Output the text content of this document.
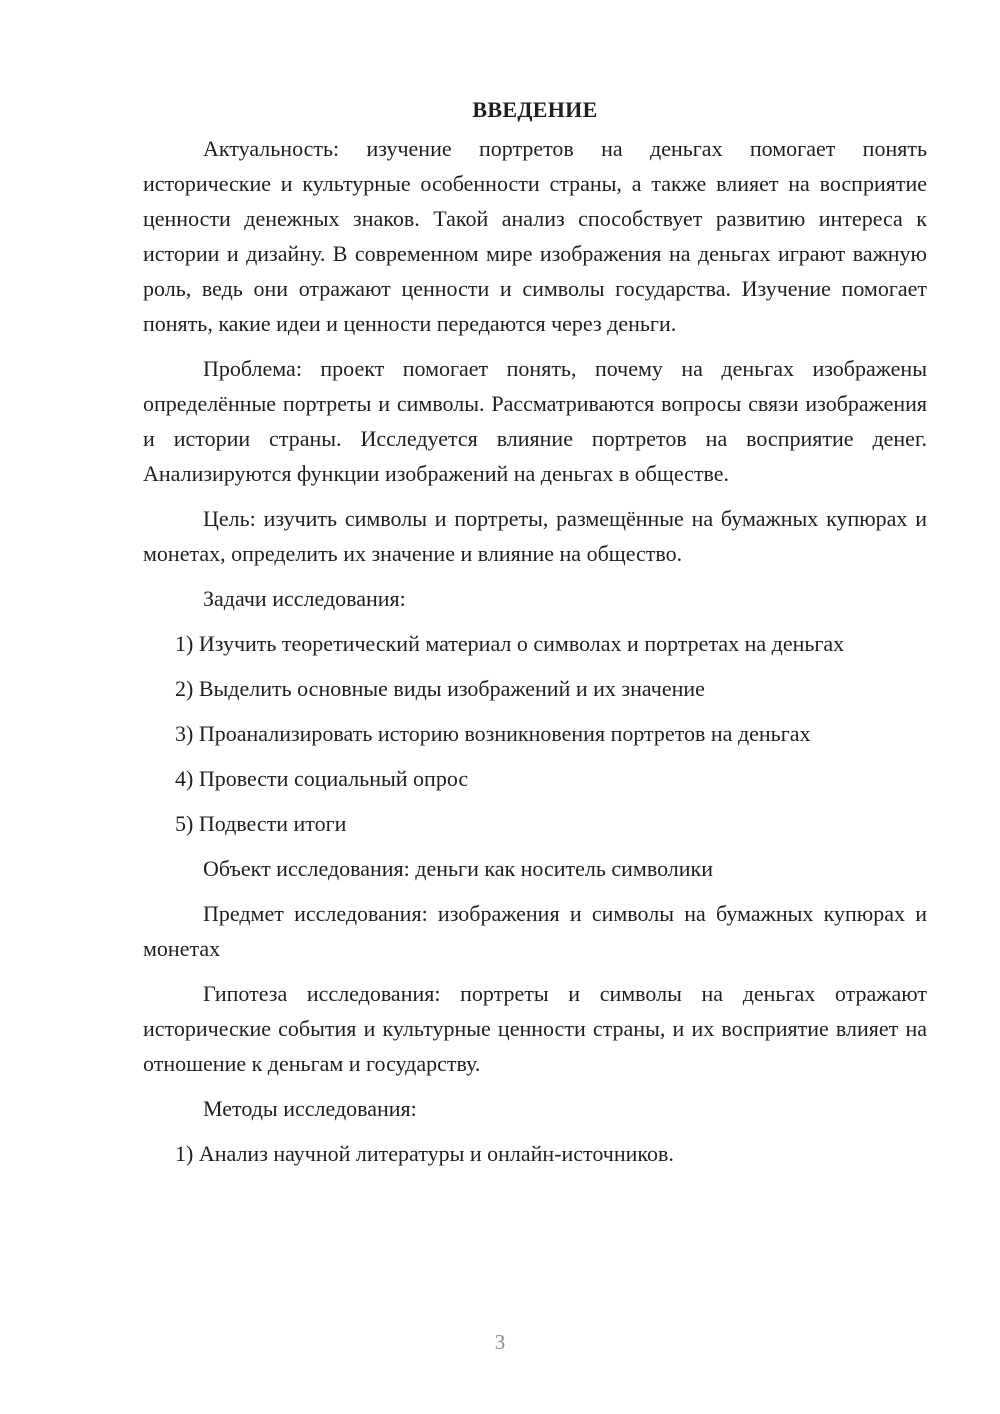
ВВЕДЕНИЕ

Актуальность: изучение портретов на деньгах помогает понять исторические и культурные особенности страны, а также влияет на восприятие ценности денежных знаков. Такой анализ способствует развитию интереса к истории и дизайну. В современном мире изображения на деньгах играют важную роль, ведь они отражают ценности и символы государства. Изучение помогает понять, какие идеи и ценности передаются через деньги.

Проблема: проект помогает понять, почему на деньгах изображены определённые портреты и символы. Рассматриваются вопросы связи изображения и истории страны. Исследуется влияние портретов на восприятие денег. Анализируются функции изображений на деньгах в обществе.

Цель: изучить символы и портреты, размещённые на бумажных купюрах и монетах, определить их значение и влияние на общество.

Задачи исследования:

1) Изучить теоретический материал о символах и портретах на деньгах

2) Выделить основные виды изображений и их значение

3) Проанализировать историю возникновения портретов на деньгах

4) Провести социальный опрос

5) Подвести итоги

Объект исследования: деньги как носитель символики

Предмет исследования: изображения и символы на бумажных купюрах и монетах

Гипотеза исследования: портреты и символы на деньгах отражают исторические события и культурные ценности страны, и их восприятие влияет на отношение к деньгам и государству.

Методы исследования:

1) Анализ научной литературы и онлайн-источников.

3
